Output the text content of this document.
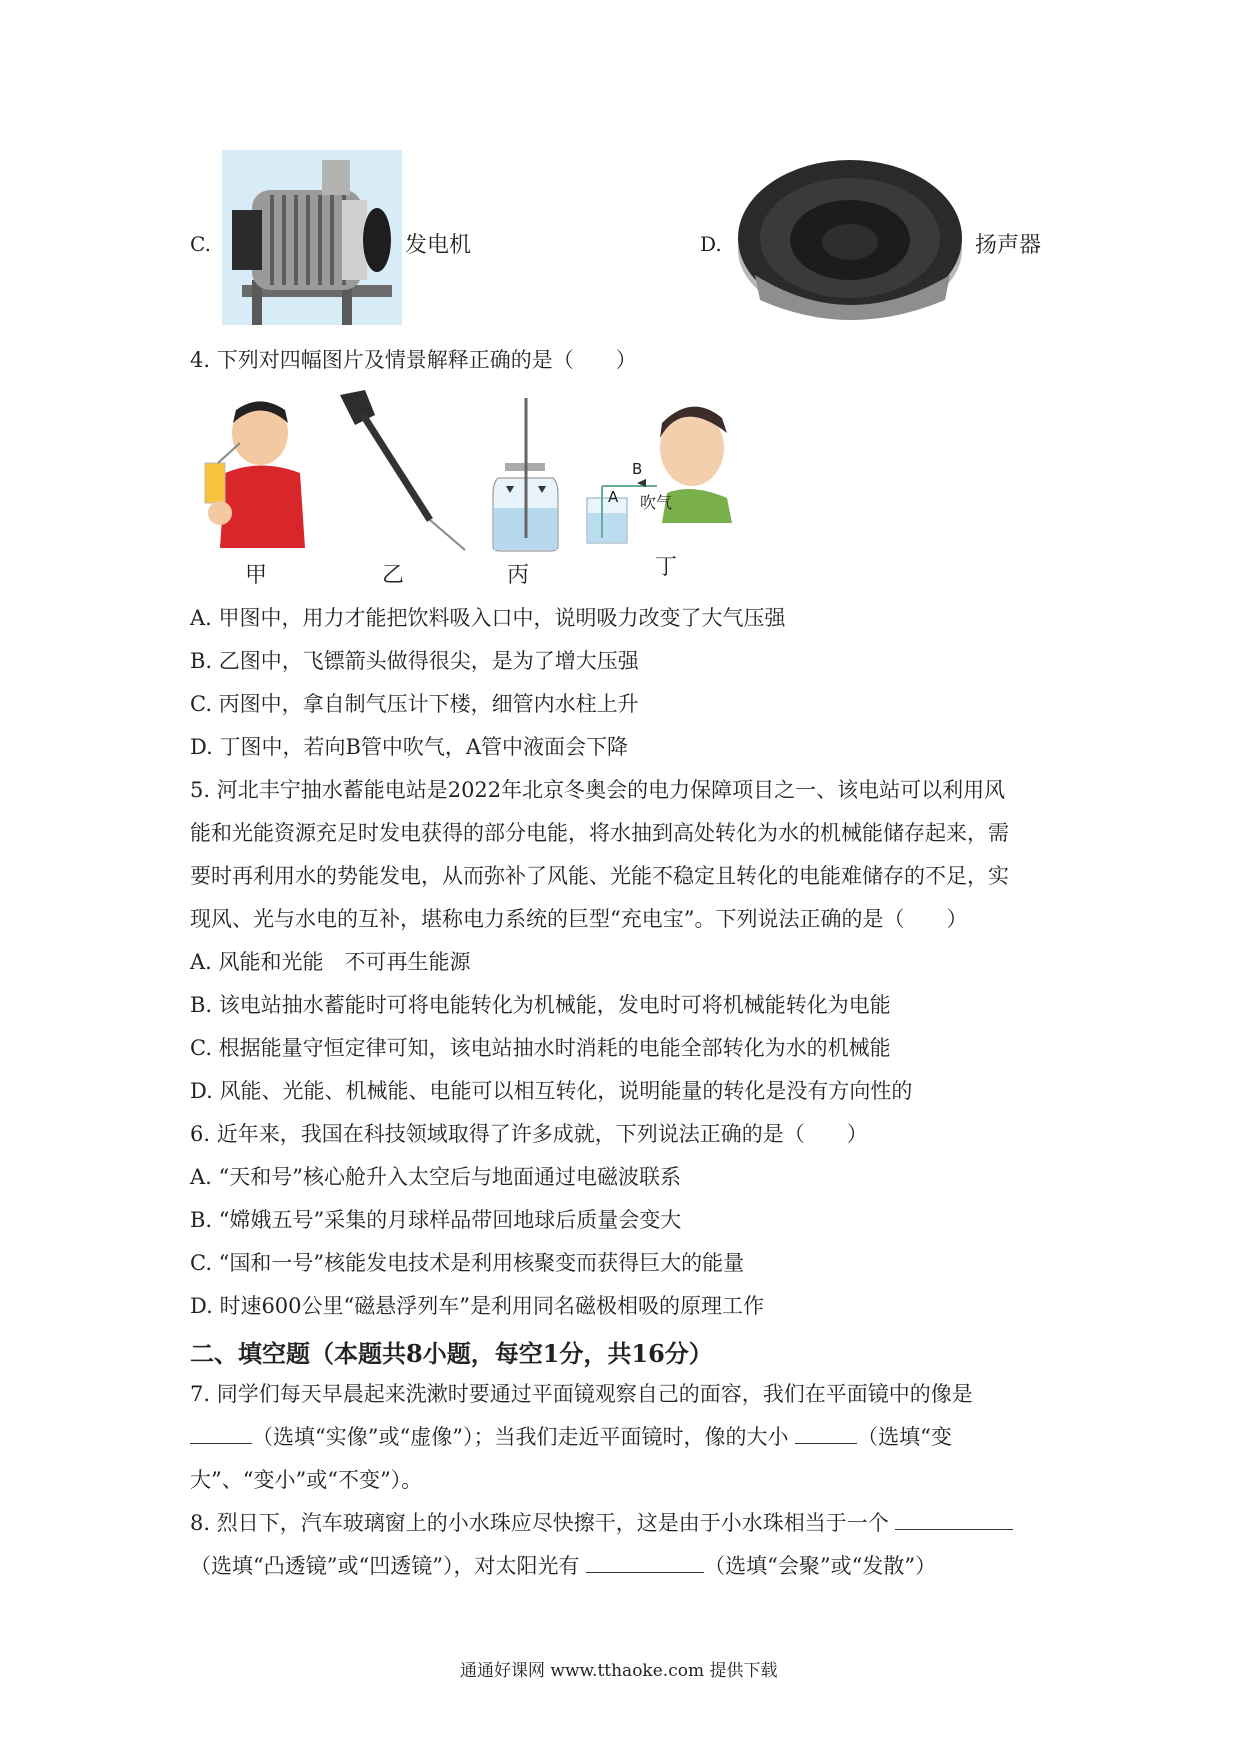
C.	发电机	D.	扬声器
4. 下列对四幅图片及情景解释正确的是（　　）
甲	乙	丙
B
A 吹气
丁
A. 甲图中，用力才能把饮料吸入口中，说明吸力改变了大气压强
B. 乙图中，飞镖箭头做得很尖，是为了增大压强
C. 丙图中，拿自制气压计下楼，细管内水柱上升
D. 丁图中，若向B管中吹气，A管中液面会下降
5. 河北丰宁抽水蓄能电站是2022年北京冬奥会的电力保障项目之一、该电站可以利用风
能和光能资源充足时发电获得的部分电能，将水抽到高处转化为水的机械能储存起来，需
要时再利用水的势能发电，从而弥补了风能、光能不稳定且转化的电能难储存的不足，实
现风、光与水电的互补，堪称电力系统的巨型“充电宝”。下列说法正确的是（　　）
A. 风能和光能　不可再生能源
B. 该电站抽水蓄能时可将电能转化为机械能，发电时可将机械能转化为电能
C. 根据能量守恒定律可知，该电站抽水时消耗的电能全部转化为水的机械能
D. 风能、光能、机械能、电能可以相互转化，说明能量的转化是没有方向性的
6. 近年来，我国在科技领域取得了许多成就，下列说法正确的是（　　）
A. “天和号”核心舱升入太空后与地面通过电磁波联系
B. “嫦娥五号”采集的月球样品带回地球后质量会变大
C. “国和一号”核能发电技术是利用核聚变而获得巨大的能量
D. 时速600公里“磁悬浮列车”是利用同名磁极相吸的原理工作
二、填空题（本题共8小题，每空1分，共16分）
7. 同学们每天早晨起来洗漱时要通过平面镜观察自己的面容，我们在平面镜中的像是
（选填“实像”或“虚像”）；当我们走近平面镜时，像的大小	（选填“变
大”、“变小”或“不变”）。
8. 烈日下，汽车玻璃窗上的小水珠应尽快擦干，这是由于小水珠相当于一个
（选填“凸透镜”或“凹透镜”），对太阳光有	（选填“会聚”或“发散”）
通通好课网 www.tthaoke.com 提供下载
